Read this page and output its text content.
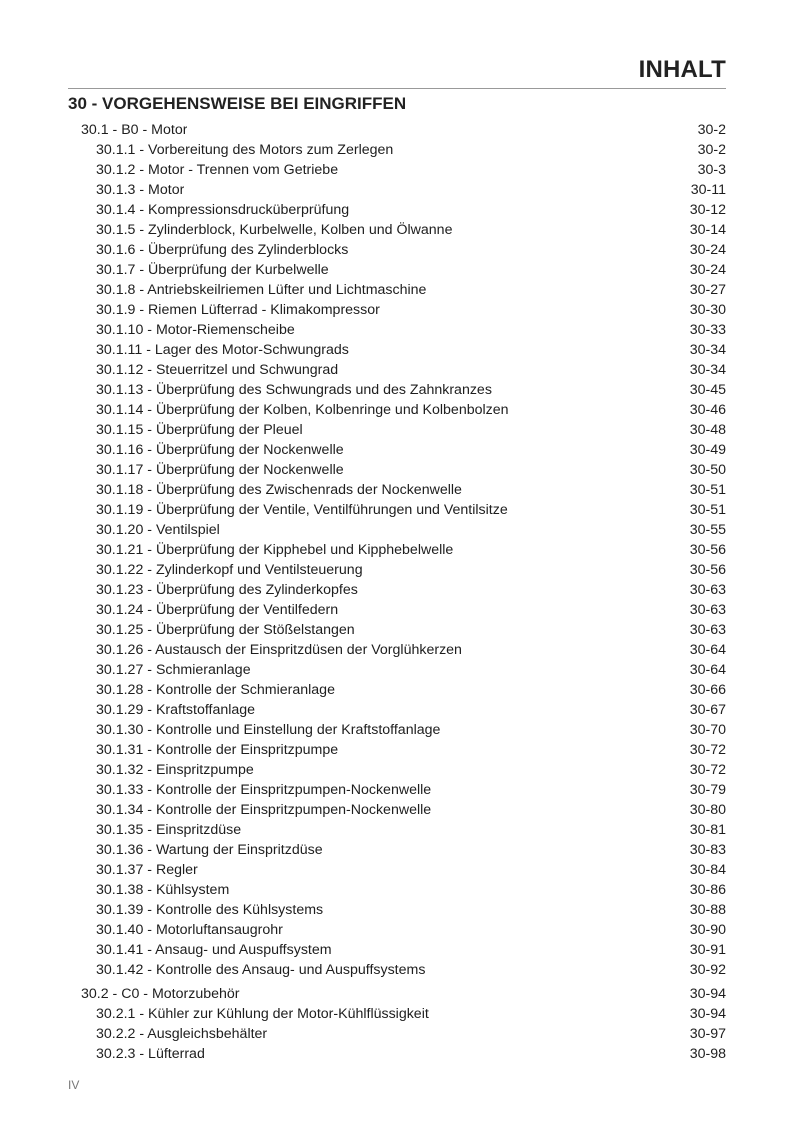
INHALT
30 - VORGEHENSWEISE BEI EINGRIFFEN
30.1 - B0 - Motor	30-2
30.1.1 - Vorbereitung des Motors zum Zerlegen	30-2
30.1.2 - Motor - Trennen vom Getriebe	30-3
30.1.3 - Motor	30-11
30.1.4 - Kompressionsdrucküberprüfung	30-12
30.1.5 - Zylinderblock, Kurbelwelle, Kolben und Ölwanne	30-14
30.1.6 - Überprüfung des Zylinderblocks	30-24
30.1.7 - Überprüfung der Kurbelwelle	30-24
30.1.8 - Antriebskeilriemen Lüfter und Lichtmaschine	30-27
30.1.9 - Riemen Lüfterrad - Klimakompressor	30-30
30.1.10 - Motor-Riemenscheibe	30-33
30.1.11 - Lager des Motor-Schwungrads	30-34
30.1.12 - Steuerritzel und Schwungrad	30-34
30.1.13 - Überprüfung des Schwungrads und des Zahnkranzes	30-45
30.1.14 - Überprüfung der Kolben, Kolbenringe und Kolbenbolzen	30-46
30.1.15 - Überprüfung der Pleuel	30-48
30.1.16 - Überprüfung der Nockenwelle	30-49
30.1.17 - Überprüfung der Nockenwelle	30-50
30.1.18 - Überprüfung des Zwischenrads der Nockenwelle	30-51
30.1.19 - Überprüfung der Ventile, Ventilführungen und Ventilsitze	30-51
30.1.20 - Ventilspiel	30-55
30.1.21 - Überprüfung der Kipphebel und Kipphebelwelle	30-56
30.1.22 - Zylinderkopf und Ventilsteuerung	30-56
30.1.23 - Überprüfung des Zylinderkopfes	30-63
30.1.24 - Überprüfung der Ventilfedern	30-63
30.1.25 - Überprüfung der Stößelstangen	30-63
30.1.26 - Austausch der Einspritzdüsen der Vorglühkerzen	30-64
30.1.27 - Schmieranlage	30-64
30.1.28 - Kontrolle der Schmieranlage	30-66
30.1.29 - Kraftstoffanlage	30-67
30.1.30 - Kontrolle und Einstellung der Kraftstoffanlage	30-70
30.1.31 - Kontrolle der Einspritzpumpe	30-72
30.1.32 - Einspritzpumpe	30-72
30.1.33 - Kontrolle der Einspritzpumpen-Nockenwelle	30-79
30.1.34 - Kontrolle der Einspritzpumpen-Nockenwelle	30-80
30.1.35 - Einspritzdüse	30-81
30.1.36 - Wartung der Einspritzdüse	30-83
30.1.37 - Regler	30-84
30.1.38 - Kühlsystem	30-86
30.1.39 - Kontrolle des Kühlsystems	30-88
30.1.40 - Motorluftansaugrohr	30-90
30.1.41 - Ansaug- und Auspuffsystem	30-91
30.1.42 - Kontrolle des Ansaug- und Auspuffsystems	30-92
30.2 - C0 - Motorzubehör	30-94
30.2.1 - Kühler zur Kühlung der Motor-Kühlflüssigkeit	30-94
30.2.2 - Ausgleichsbehälter	30-97
30.2.3 - Lüfterrad	30-98
IV
